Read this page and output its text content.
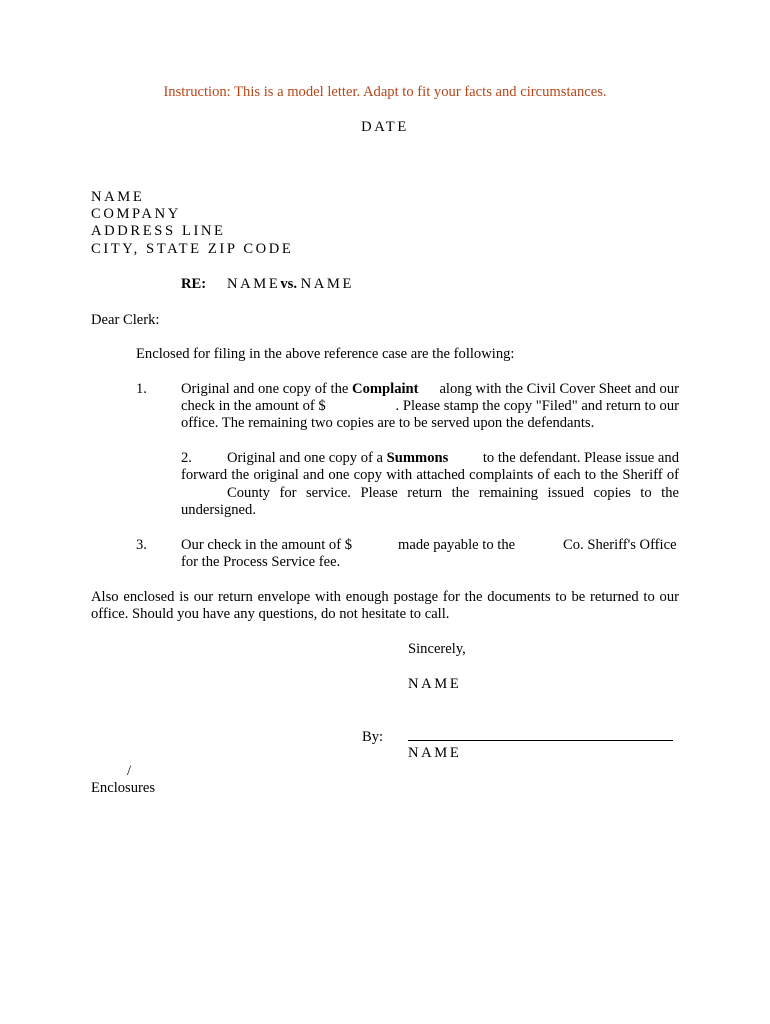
Instruction: This is a model letter. Adapt to fit your facts and circumstances.
DATE
NAME
COMPANY
ADDRESS LINE
CITY, STATE ZIP CODE
RE: NAMEvs. NAME
Dear Clerk:
Enclosed for filing in the above reference case are the following:
1. Original and one copy of the Complaint along with the Civil Cover Sheet and our
check in the amount of $	. Please stamp the copy "Filed" and return to our
office. The remaining two copies are to be served upon the defendants.
2. Original and one copy of a Summons to the defendant. Please issue and
forward the original and one copy with attached complaints of each to the Sheriff of
County for service. Please return the remaining issued copies to the
undersigned.
3. Our check in the amount of $	made payable to the	Co. Sheriff's Office
for the Process Service fee.
Also enclosed is our return envelope with enough postage for the documents to be returned to our office. Should you have any questions, do not hesitate to call.
Sincerely,
NAME
By:
NAME
/
Enclosures
